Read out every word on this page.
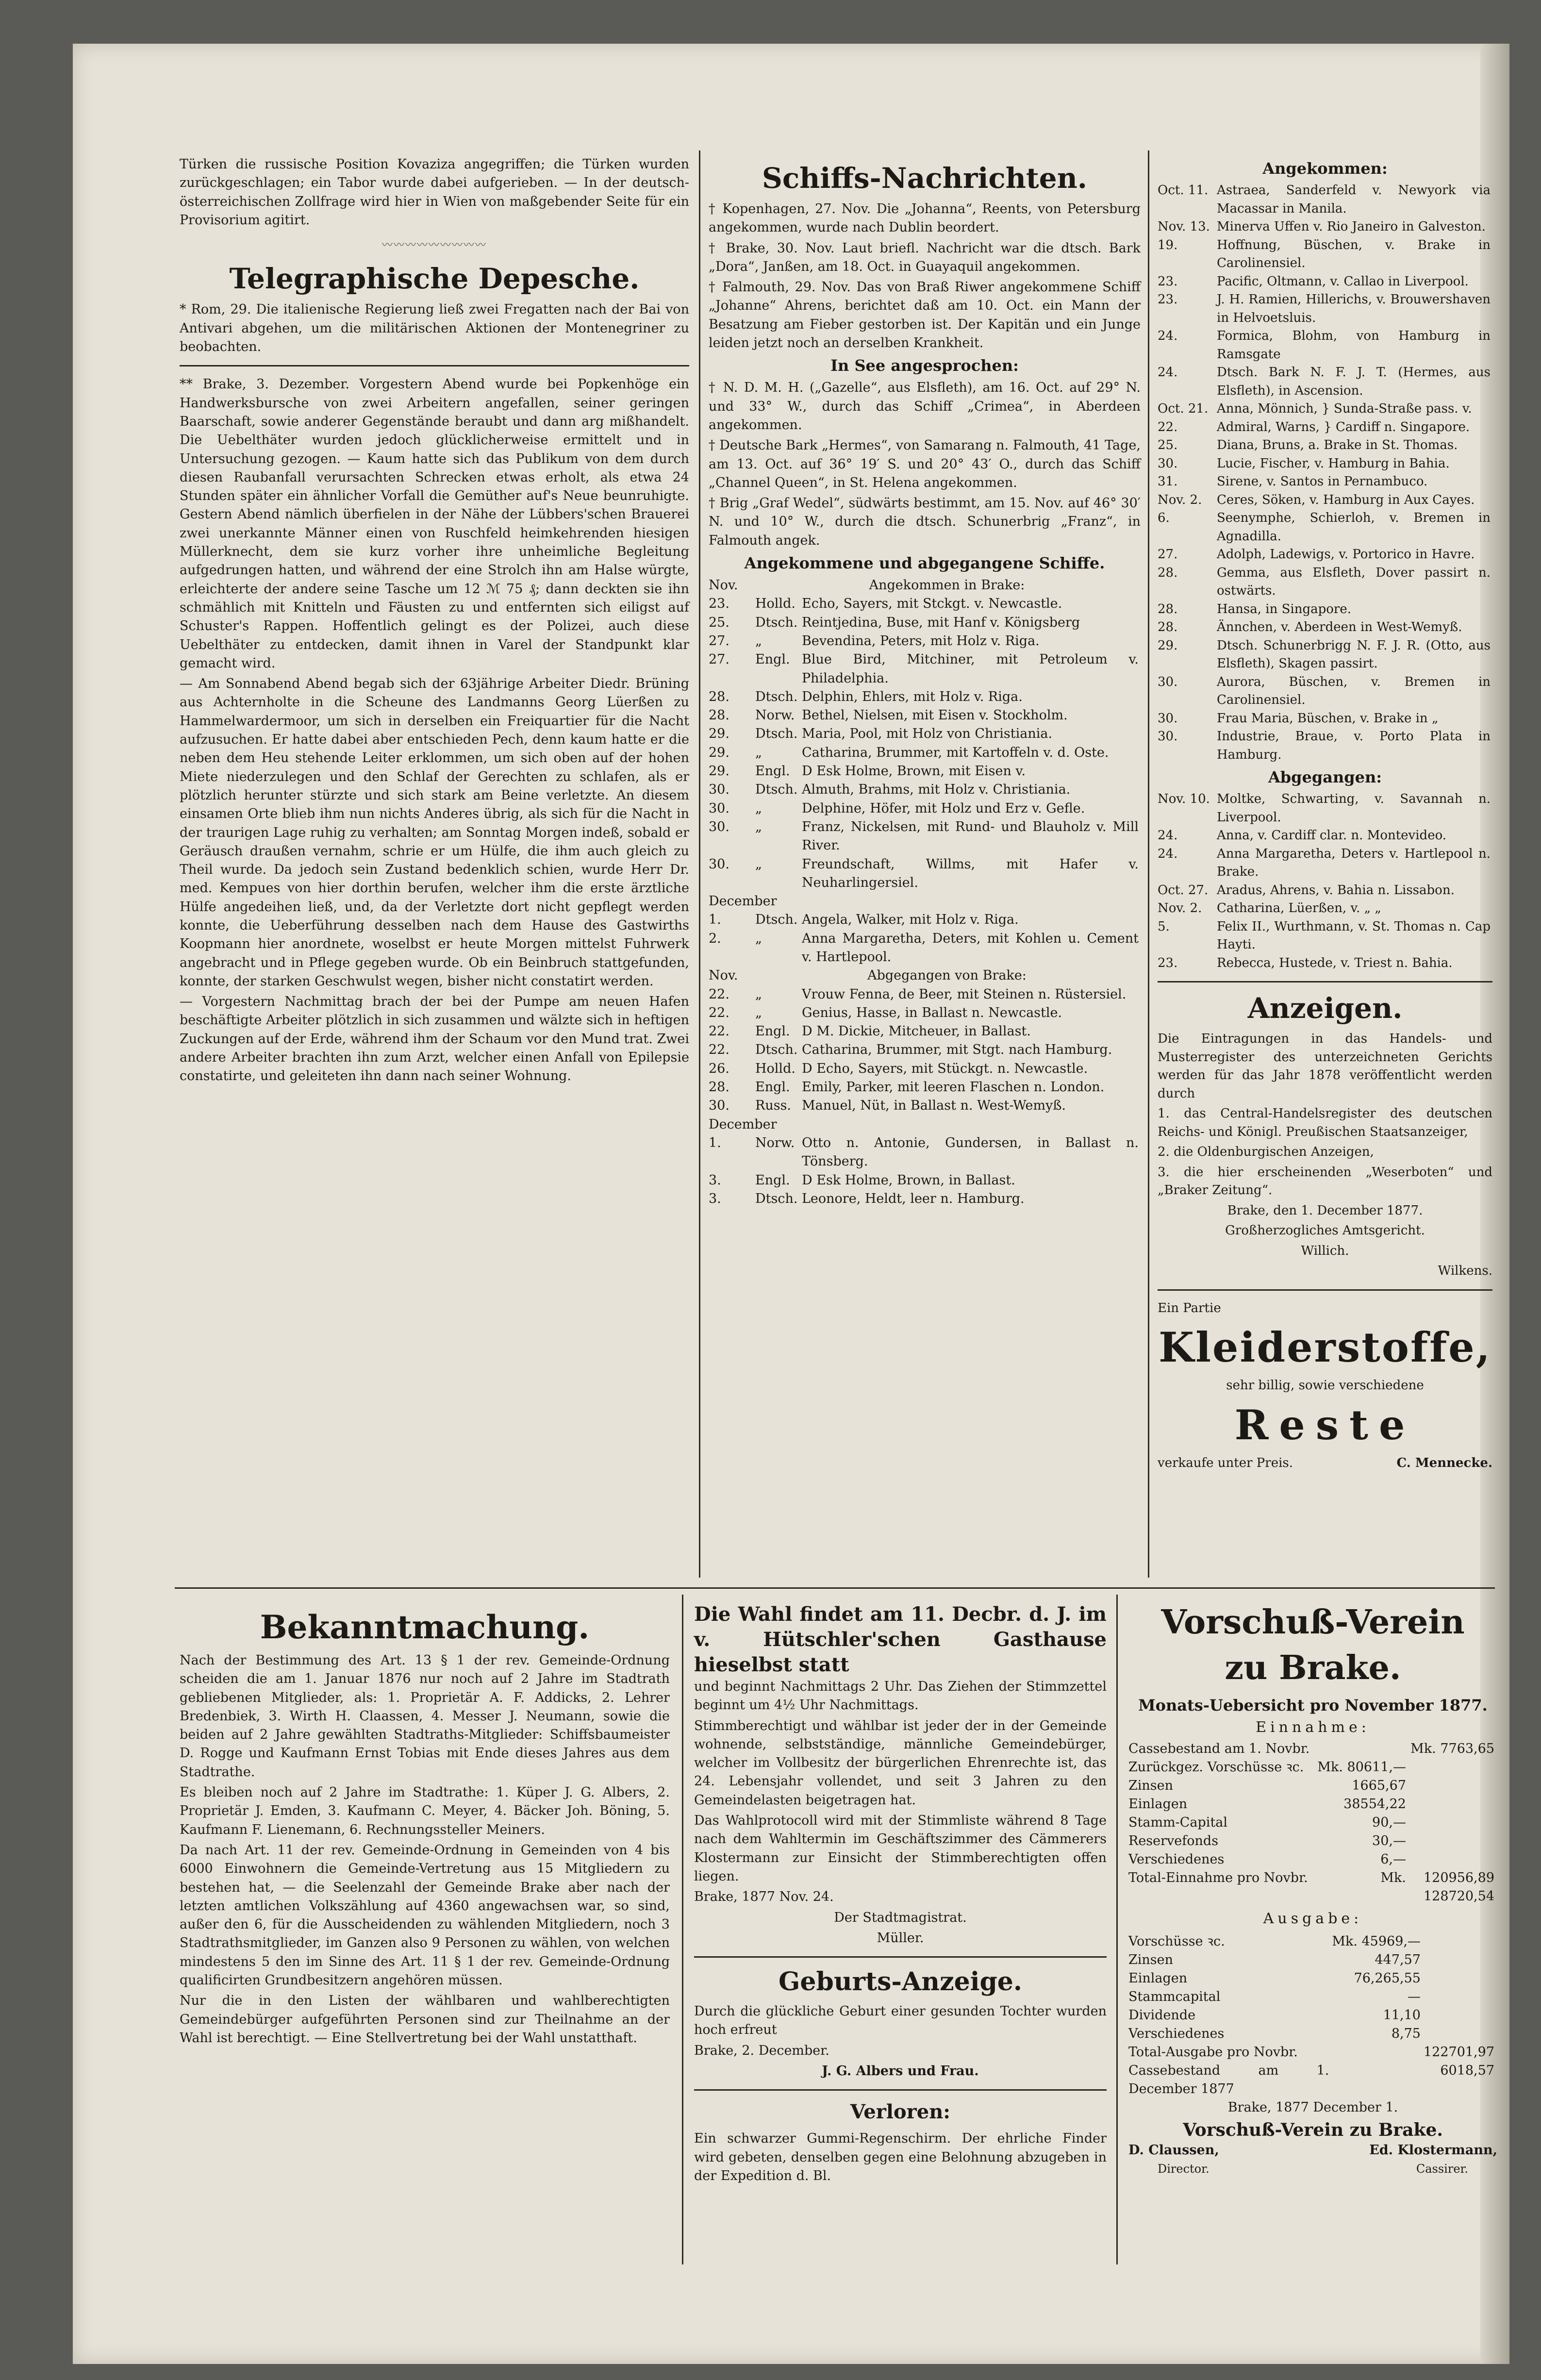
Türken die russische Position Kovaziza angegriffen; die Türken wurden zurückgeschlagen; ein Tabor wurde dabei aufgerieben. — In der deutsch-österreichischen Zollfrage wird hier in Wien von maßgebender Seite für ein Provisorium agitirt.

〰〰〰〰〰〰〰〰〰
Telegraphische Depesche.

* Rom, 29. Die italienische Regierung ließ zwei Fregatten nach der Bai von Antivari abgehen, um die militärischen Aktionen der Montenegriner zu beobachten.

** Brake, 3. Dezember. Vorgestern Abend wurde bei Popkenhöge ein Handwerksbursche von zwei Arbeitern angefallen, seiner geringen Baarschaft, sowie anderer Gegenstände beraubt und dann arg mißhandelt. Die Uebelthäter wurden jedoch glücklicherweise ermittelt und in Untersuchung gezogen. — Kaum hatte sich das Publikum von dem durch diesen Raubanfall verursachten Schrecken etwas erholt, als etwa 24 Stunden später ein ähnlicher Vorfall die Gemüther auf's Neue beunruhigte. Gestern Abend nämlich überfielen in der Nähe der Lübbers'schen Brauerei zwei unerkannte Männer einen von Ruschfeld heimkehrenden hiesigen Müllerknecht, dem sie kurz vorher ihre unheimliche Begleitung aufgedrungen hatten, und während der eine Strolch ihn am Halse würgte, erleichterte der andere seine Tasche um 12 ℳ 75 ₰; dann deckten sie ihn schmählich mit Knitteln und Fäusten zu und entfernten sich eiligst auf Schuster's Rappen. Hoffentlich gelingt es der Polizei, auch diese Uebelthäter zu entdecken, damit ihnen in Varel der Standpunkt klar gemacht wird.

— Am Sonnabend Abend begab sich der 63jährige Arbeiter Diedr. Brüning aus Achternholte in die Scheune des Landmanns Georg Lüerßen zu Hammelwardermoor, um sich in derselben ein Freiquartier für die Nacht aufzusuchen. Er hatte dabei aber entschieden Pech, denn kaum hatte er die neben dem Heu stehende Leiter erklommen, um sich oben auf der hohen Miete niederzulegen und den Schlaf der Gerechten zu schlafen, als er plötzlich herunter stürzte und sich stark am Beine verletzte. An diesem einsamen Orte blieb ihm nun nichts Anderes übrig, als sich für die Nacht in der traurigen Lage ruhig zu verhalten; am Sonntag Morgen indeß, sobald er Geräusch draußen vernahm, schrie er um Hülfe, die ihm auch gleich zu Theil wurde. Da jedoch sein Zustand bedenklich schien, wurde Herr Dr. med. Kempues von hier dorthin berufen, welcher ihm die erste ärztliche Hülfe angedeihen ließ, und, da der Verletzte dort nicht gepflegt werden konnte, die Ueberführung desselben nach dem Hause des Gastwirths Koopmann hier anordnete, woselbst er heute Morgen mittelst Fuhrwerk angebracht und in Pflege gegeben wurde. Ob ein Beinbruch stattgefunden, konnte, der starken Geschwulst wegen, bisher nicht constatirt werden.

— Vorgestern Nachmittag brach der bei der Pumpe am neuen Hafen beschäftigte Arbeiter plötzlich in sich zusammen und wälzte sich in heftigen Zuckungen auf der Erde, während ihm der Schaum vor den Mund trat. Zwei andere Arbeiter brachten ihn zum Arzt, welcher einen Anfall von Epilepsie constatirte, und geleiteten ihn dann nach seiner Wohnung.

Schiffs-Nachrichten.

† Kopenhagen, 27. Nov. Die „Johanna“, Reents, von Petersburg angekommen, wurde nach Dublin beordert.

† Brake, 30. Nov. Laut briefl. Nachricht war die dtsch. Bark „Dora“, Janßen, am 18. Oct. in Guayaquil angekommen.

† Falmouth, 29. Nov. Das von Braß Riwer angekommene Schiff „Johanne“ Ahrens, berichtet daß am 10. Oct. ein Mann der Besatzung am Fieber gestorben ist. Der Kapitän und ein Junge leiden jetzt noch an derselben Krankheit.

In See angesprochen:

† N. D. M. H. („Gazelle“, aus Elsfleth), am 16. Oct. auf 29° N. und 33° W., durch das Schiff „Crimea“, in Aberdeen angekommen.

† Deutsche Bark „Hermes“, von Samarang n. Falmouth, 41 Tage, am 13. Oct. auf 36° 19′ S. und 20° 43′ O., durch das Schiff „Channel Queen“, in St. Helena angekommen.

† Brig „Graf Wedel“, südwärts bestimmt, am 15. Nov. auf 46° 30′ N. und 10° W., durch die dtsch. Schunerbrig „Franz“, in Falmouth angek.

Angekommene und abgegangene Schiffe.
Nov.	Angekommen in Brake:	
23.	Holld.	Echo, Sayers, mit Stckgt. v. Newcastle.
25.	Dtsch.	Reintjedina, Buse, mit Hanf v. Königsberg
27.	„	Bevendina, Peters, mit Holz v. Riga.
27.	Engl.	Blue Bird, Mitchiner, mit Petroleum v. Philadelphia.
28.	Dtsch.	Delphin, Ehlers, mit Holz v. Riga.
28.	Norw.	Bethel, Nielsen, mit Eisen v. Stockholm.
29.	Dtsch.	Maria, Pool, mit Holz von Christiania.
29.	„	Catharina, Brummer, mit Kartoffeln v. d. Oste.
29.	Engl.	D Esk Holme, Brown, mit Eisen v.
30.	Dtsch.	Almuth, Brahms, mit Holz v. Christiania.
30.	„	Delphine, Höfer, mit Holz und Erz v. Gefle.
30.	„	Franz, Nickelsen, mit Rund- und Blauholz v. Mill River.
30.	„	Freundschaft, Willms, mit Hafer v. Neuharlingersiel.
December		
1.	Dtsch.	Angela, Walker, mit Holz v. Riga.
2.	„	Anna Margaretha, Deters, mit Kohlen u. Cement v. Hartlepool.
Nov.	Abgegangen von Brake:	
22.	„	Vrouw Fenna, de Beer, mit Steinen n. Rüstersiel.
22.	„	Genius, Hasse, in Ballast n. Newcastle.
22.	Engl.	D M. Dickie, Mitcheuer, in Ballast.
22.	Dtsch.	Catharina, Brummer, mit Stgt. nach Hamburg.
26.	Holld.	D Echo, Sayers, mit Stückgt. n. Newcastle.
28.	Engl.	Emily, Parker, mit leeren Flaschen n. London.
30.	Russ.	Manuel, Nüt, in Ballast n. West-Wemyß.
December		
1.	Norw.	Otto n. Antonie, Gundersen, in Ballast n. Tönsberg.
3.	Engl.	D Esk Holme, Brown, in Ballast.
3.	Dtsch.	Leonore, Heldt, leer n. Hamburg.
Angekommen:
Oct. 11.	Astraea, Sanderfeld v. Newyork via Macassar in Manila.
Nov. 13.	Minerva Uffen v. Rio Janeiro in Galveston.
19.	Hoffnung, Büschen, v. Brake in Carolinensiel.
23.	Pacific, Oltmann, v. Callao in Liverpool.
23.	J. H. Ramien, Hillerichs, v. Brouwershaven in Helvoetsluis.
24.	Formica, Blohm, von Hamburg in Ramsgate
24.	Dtsch. Bark N. F. J. T. (Hermes, aus Elsfleth), in Ascension.
Oct. 21.	Anna, Mönnich, } Sunda-Straße pass. v.
22.	Admiral, Warns, } Cardiff n. Singapore.
25.	Diana, Bruns, a. Brake in St. Thomas.
30.	Lucie, Fischer, v. Hamburg in Bahia.
31.	Sirene, v. Santos in Pernambuco.
Nov. 2.	Ceres, Söken, v. Hamburg in Aux Cayes.
6.	Seenymphe, Schierloh, v. Bremen in Agnadilla.
27.	Adolph, Ladewigs, v. Portorico in Havre.
28.	Gemma, aus Elsfleth, Dover passirt n. ostwärts.
28.	Hansa, in Singapore.
28.	Ännchen, v. Aberdeen in West-Wemyß.
29.	Dtsch. Schunerbrigg N. F. J. R. (Otto, aus Elsfleth), Skagen passirt.
30.	Aurora, Büschen, v. Bremen in Carolinensiel.
30.	Frau Maria, Büschen, v. Brake in „
30.	Industrie, Braue, v. Porto Plata in Hamburg.
Abgegangen:
Nov. 10.	Moltke, Schwarting, v. Savannah n. Liverpool.
24.	Anna, v. Cardiff clar. n. Montevideo.
24.	Anna Margaretha, Deters v. Hartlepool n. Brake.
Oct. 27.	Aradus, Ahrens, v. Bahia n. Lissabon.
Nov. 2.	Catharina, Lüerßen, v. „ „
5.	Felix II., Wurthmann, v. St. Thomas n. Cap Hayti.
23.	Rebecca, Hustede, v. Triest n. Bahia.
Anzeigen.

Die Eintragungen in das Handels- und Musterregister des unterzeichneten Gerichts werden für das Jahr 1878 veröffentlicht werden durch

1. das Central-Handelsregister des deutschen Reichs- und Königl. Preußischen Staatsanzeiger,

2. die Oldenburgischen Anzeigen,

3. die hier erscheinenden „Weserboten“ und „Braker Zeitung“.

Brake, den 1. December 1877.

Großherzogliches Amtsgericht.

Willich.

Wilkens.

Ein Partie

Kleiderstoffe,

sehr billig, sowie verschiedene

Reste
verkaufe unter Preis.	C. Mennecke.
Bekanntmachung.

Nach der Bestimmung des Art. 13 § 1 der rev. Gemeinde-Ordnung scheiden die am 1. Januar 1876 nur noch auf 2 Jahre im Stadtrath gebliebenen Mitglieder, als: 1. Proprietär A. F. Addicks, 2. Lehrer Bredenbiek, 3. Wirth H. Claassen, 4. Messer J. Neumann, sowie die beiden auf 2 Jahre gewählten Stadtraths-Mitglieder: Schiffsbaumeister D. Rogge und Kaufmann Ernst Tobias mit Ende dieses Jahres aus dem Stadtrathe.

Es bleiben noch auf 2 Jahre im Stadtrathe: 1. Küper J. G. Albers, 2. Proprietär J. Emden, 3. Kaufmann C. Meyer, 4. Bäcker Joh. Böning, 5. Kaufmann F. Lienemann, 6. Rechnungssteller Meiners.

Da nach Art. 11 der rev. Gemeinde-Ordnung in Gemeinden von 4 bis 6000 Einwohnern die Gemeinde-Vertretung aus 15 Mitgliedern zu bestehen hat, — die Seelenzahl der Gemeinde Brake aber nach der letzten amtlichen Volkszählung auf 4360 angewachsen war, so sind, außer den 6, für die Ausscheidenden zu wählenden Mitgliedern, noch 3 Stadtrathsmitglieder, im Ganzen also 9 Personen zu wählen, von welchen mindestens 5 den im Sinne des Art. 11 § 1 der rev. Gemeinde-Ordnung qualificirten Grundbesitzern angehören müssen.

Nur die in den Listen der wählbaren und wahlberechtigten Gemeindebürger aufgeführten Personen sind zur Theilnahme an der Wahl ist berechtigt. — Eine Stellvertretung bei der Wahl unstatthaft.

Die Wahl findet am 11. Decbr. d. J. im v. Hütschler'schen Gasthause hieselbst statt

und beginnt Nachmittags 2 Uhr. Das Ziehen der Stimmzettel beginnt um 4½ Uhr Nachmittags.

Stimmberechtigt und wählbar ist jeder der in der Gemeinde wohnende, selbstständige, männliche Gemeindebürger, welcher im Vollbesitz der bürgerlichen Ehrenrechte ist, das 24. Lebensjahr vollendet, und seit 3 Jahren zu den Gemeindelasten beigetragen hat.

Das Wahlprotocoll wird mit der Stimmliste während 8 Tage nach dem Wahltermin im Geschäftszimmer des Cämmerers Klostermann zur Einsicht der Stimmberechtigten offen liegen.

Brake, 1877 Nov. 24.

Der Stadtmagistrat.

Müller.

Geburts-Anzeige.

Durch die glückliche Geburt einer gesunden Tochter wurden hoch erfreut

Brake, 2. December.

J. G. Albers und Frau.

Verloren:

Ein schwarzer Gummi-Regenschirm. Der ehrliche Finder wird gebeten, denselben gegen eine Belohnung abzugeben in der Expedition d. Bl.

Vorschuß-Verein
zu Brake.
Monats-Uebersicht pro November 1877.
Einnahme:
Cassebestand am 1. Novbr.		Mk. 7763,65
Zurückgez. Vorschüsse ꝛc.	Mk. 80611,—	
Zinsen	1665,67	
Einlagen	38554,22	
Stamm-Capital	90,—	
Reservefonds	30,—	
Verschiedenes	6,—	
Total-Einnahme pro Novbr.	Mk.	120956,89
		128720,54
Ausgabe:
Vorschüsse ꝛc.	Mk. 45969,—	
Zinsen	447,57	
Einlagen	76,265,55	
Stammcapital	—	
Dividende	11,10	
Verschiedenes	8,75	
Total-Ausgabe pro Novbr.		122701,97
Cassebestand am 1. December 1877		6018,57

Brake, 1877 December 1.

Vorschuß-Verein zu Brake.
D. Claussen,	Ed. Klostermann,
Director.	Cassirer.
